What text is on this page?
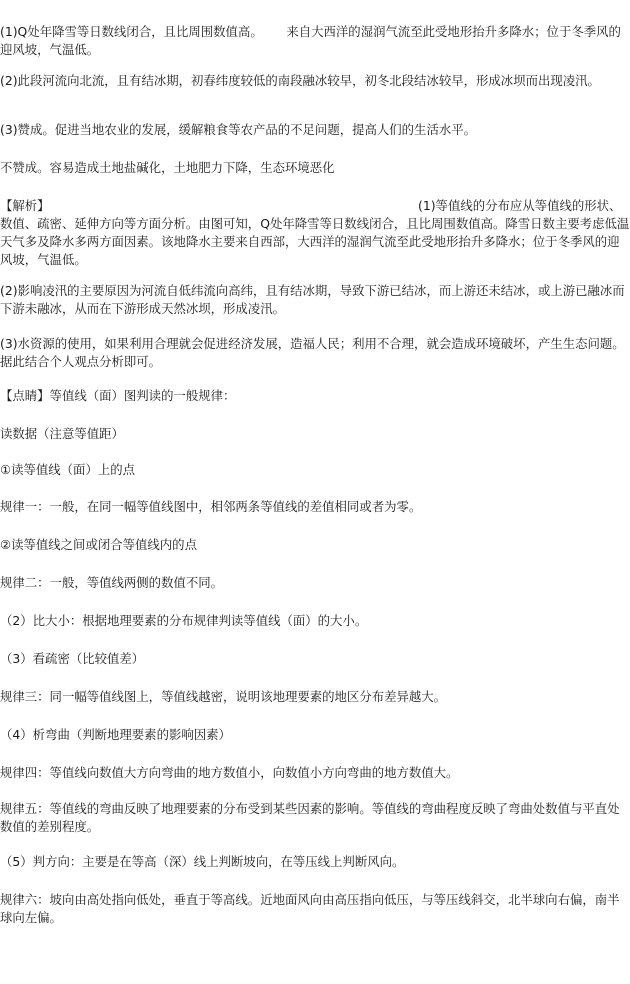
(1)Q处年降雪等日数线闭合，且比周围数值高。      来自大西洋的湿润气流至此受地形抬升多降水；位于冬季风的迎风坡，气温低。
(2)此段河流向北流，且有结冰期，初春纬度较低的南段融冰较早，初冬北段结冰较早，形成冰坝而出现凌汛。
(3)赞成。促进当地农业的发展，缓解粮食等农产品的不足问题，提高人们的生活水平。
不赞成。容易造成土地盐碱化，土地肥力下降，生态环境恶化
【解析】	(1)等值线的分布应从等值线的形状、数值、疏密、延伸方向等方面分析。由图可知，Q处年降雪等日数线闭合，且比周围数值高。降雪日数主要考虑低温天气多及降水多两方面因素。该地降水主要来自西部，大西洋的湿润气流至此受地形抬升多降水；位于冬季风的迎风坡，气温低。
(2)影响凌汛的主要原因为河流自低纬流向高纬，且有结冰期，导致下游已结冰，而上游还未结冰，或上游已融冰而下游未融冰，从而在下游形成天然冰坝，形成凌汛。
(3)水资源的使用，如果利用合理就会促进经济发展，造福人民；利用不合理，就会造成环境破坏，产生生态问题。据此结合个人观点分析即可。
【点睛】等值线（面）图判读的一般规律：
读数据（注意等值距）
①读等值线（面）上的点
规律一：一般，在同一幅等值线图中，相邻两条等值线的差值相同或者为零。
②读等值线之间或闭合等值线内的点
规律二：一般，等值线两侧的数值不同。
（2）比大小：根据地理要素的分布规律判读等值线（面）的大小。
（3）看疏密（比较值差）
规律三：同一幅等值线图上，等值线越密，说明该地理要素的地区分布差异越大。
（4）析弯曲（判断地理要素的影响因素）
规律四：等值线向数值大方向弯曲的地方数值小，向数值小方向弯曲的地方数值大。
规律五：等值线的弯曲反映了地理要素的分布受到某些因素的影响。等值线的弯曲程度反映了弯曲处数值与平直处数值的差别程度。
（5）判方向：主要是在等高（深）线上判断坡向，在等压线上判断风向。
规律六：坡向由高处指向低处，垂直于等高线。近地面风向由高压指向低压，与等压线斜交，北半球向右偏，南半球向左偏。
